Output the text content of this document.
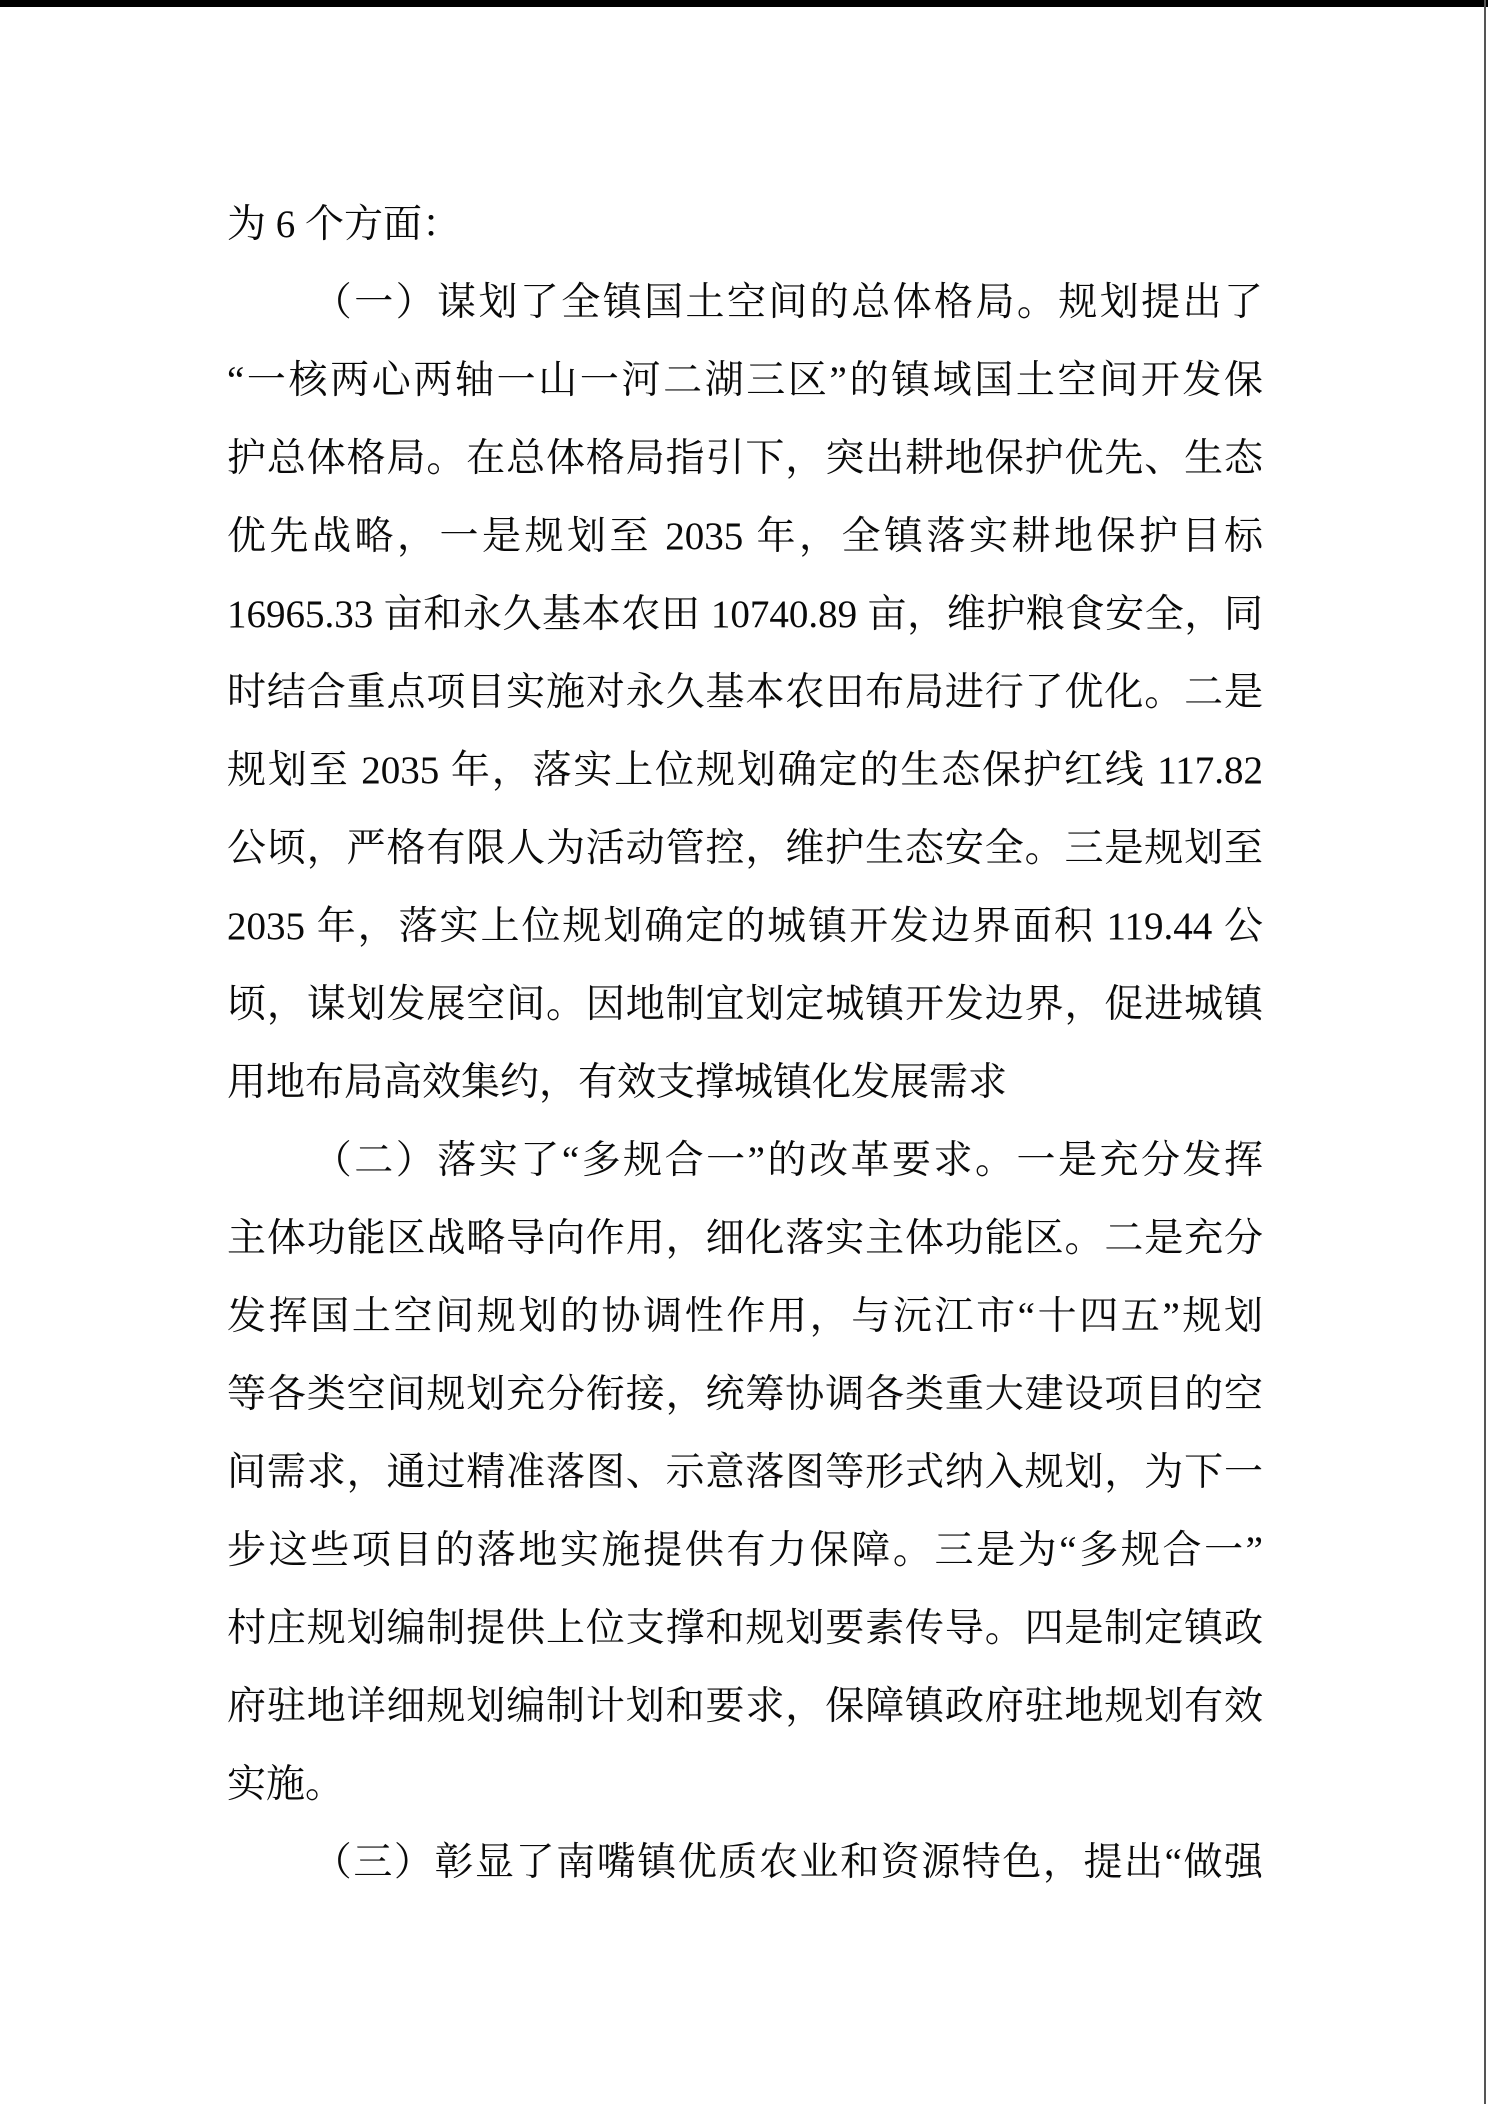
为 6 个方面：

（一）谋划了全镇国土空间的总体格局。规划提出了

“一核两心两轴一山一河二湖三区”的镇域国土空间开发保

护总体格局。在总体格局指引下，突出耕地保护优先、生态

优先战略，一是规划至 2035 年，全镇落实耕地保护目标

16965.33 亩和永久基本农田 10740.89 亩，维护粮食安全，同

时结合重点项目实施对永久基本农田布局进行了优化。二是

规划至 2035 年，落实上位规划确定的生态保护红线 117.82

公顷，严格有限人为活动管控，维护生态安全。三是规划至

2035 年，落实上位规划确定的城镇开发边界面积 119.44 公

顷，谋划发展空间。因地制宜划定城镇开发边界，促进城镇

用地布局高效集约，有效支撑城镇化发展需求

（二）落实了“多规合一”的改革要求。一是充分发挥

主体功能区战略导向作用，细化落实主体功能区。二是充分

发挥国土空间规划的协调性作用，与沅江市“十四五”规划

等各类空间规划充分衔接，统筹协调各类重大建设项目的空

间需求，通过精准落图、示意落图等形式纳入规划，为下一

步这些项目的落地实施提供有力保障。三是为“多规合一”

村庄规划编制提供上位支撑和规划要素传导。四是制定镇政

府驻地详细规划编制计划和要求，保障镇政府驻地规划有效

实施。

（三）彰显了南嘴镇优质农业和资源特色，提出“做强
